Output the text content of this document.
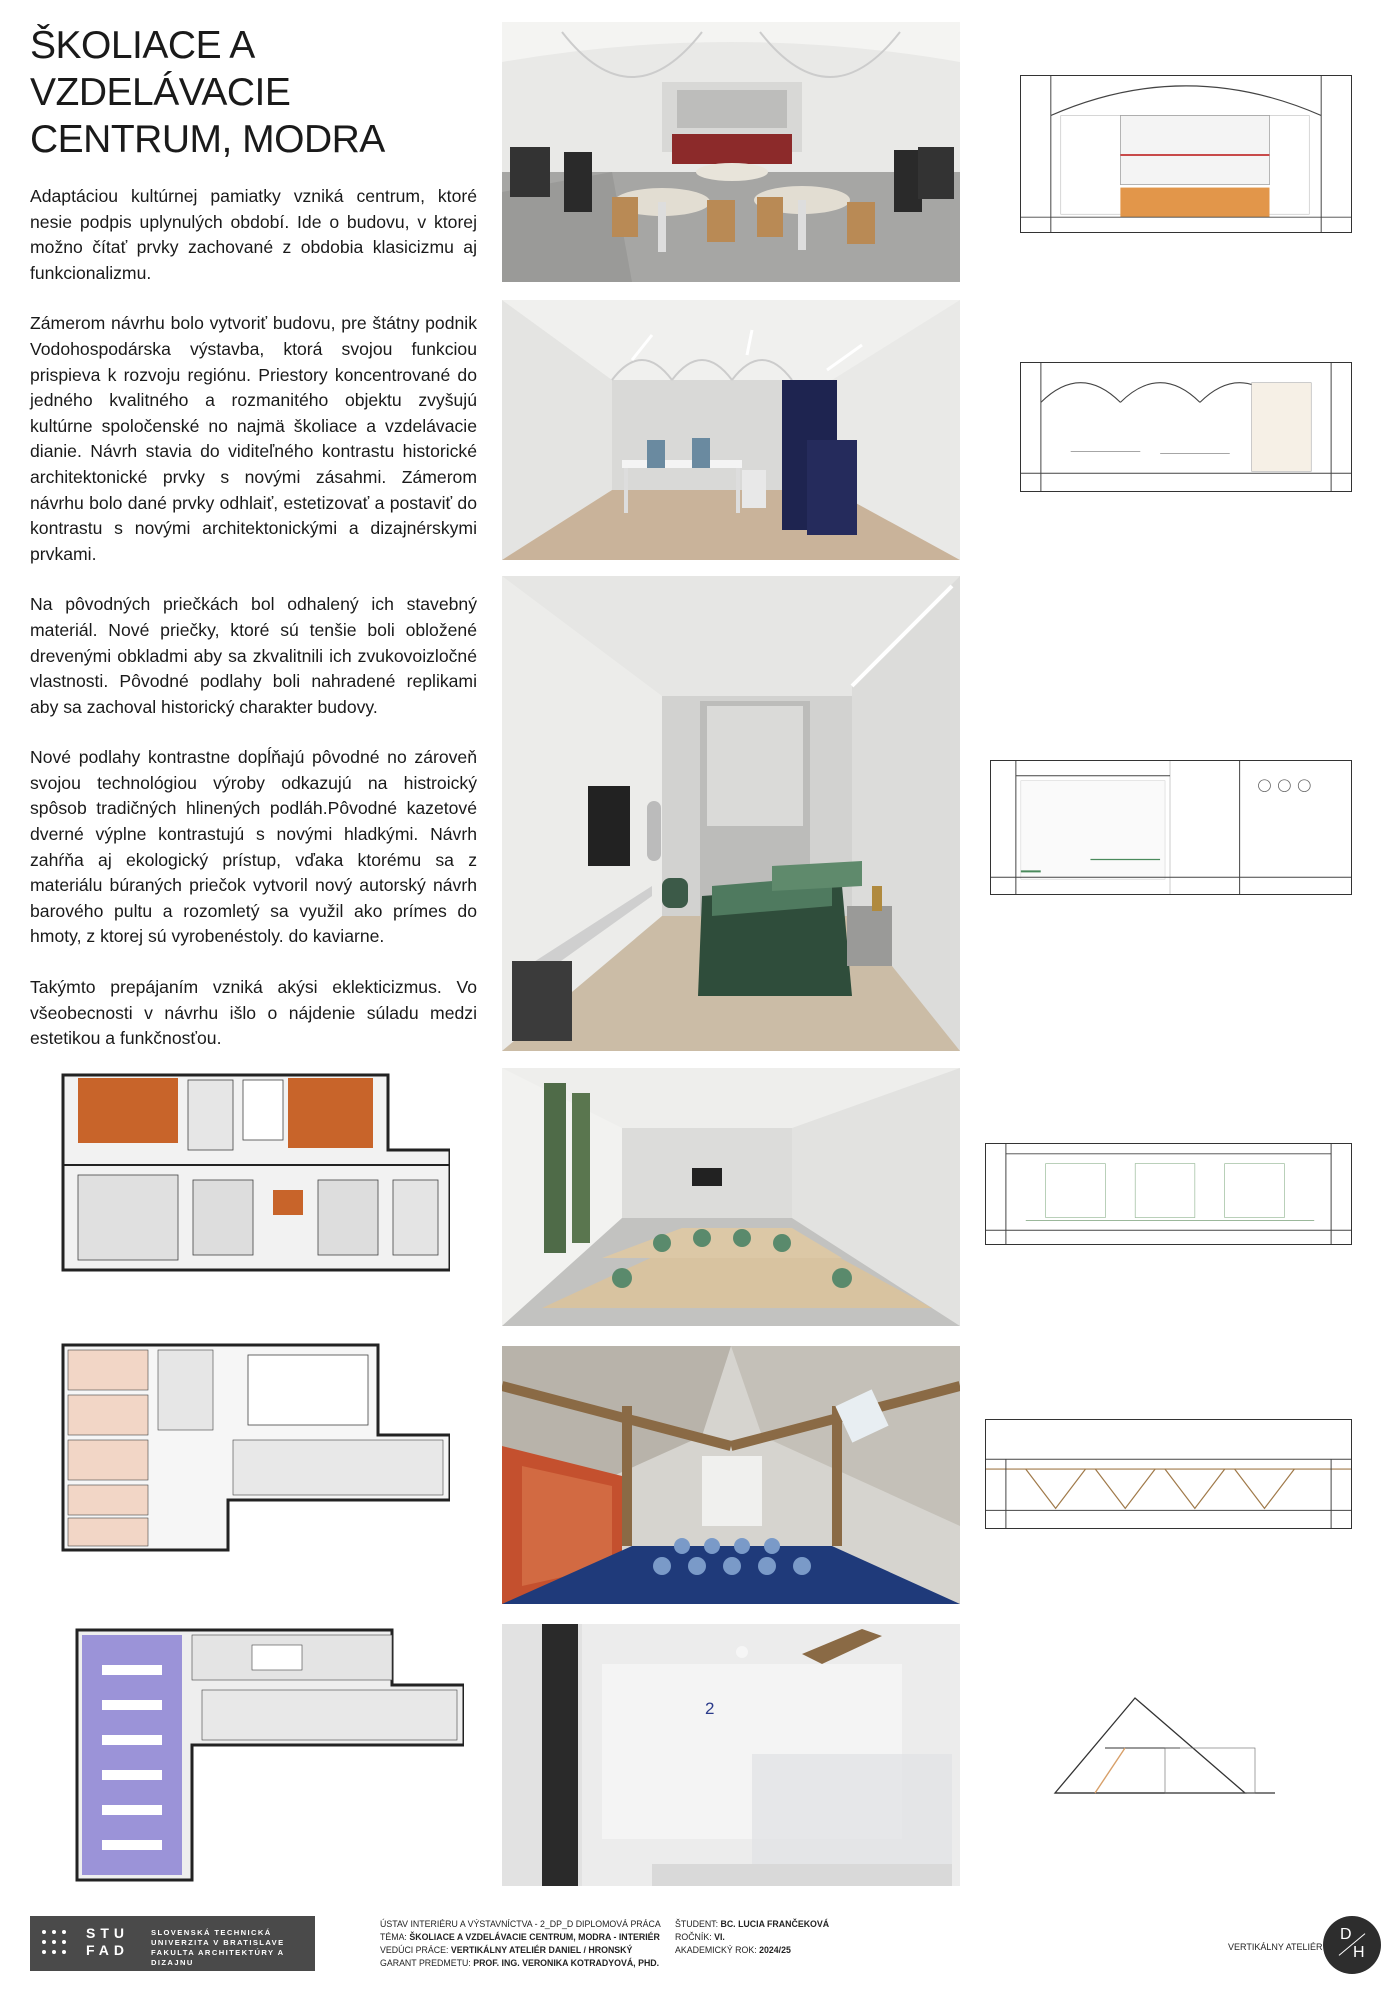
ŠKOLIACE A VZDELÁVACIE CENTRUM, MODRA

Adaptáciou kultúrnej pamiatky vzniká centrum, ktoré nesie podpis uplynulých období. Ide o budovu, v ktorej možno čítať prvky zachované z obdobia klasicizmu aj funkcionalizmu.

Zámerom návrhu bolo vytvoriť budovu, pre štátny podnik Vodohospodárska výstavba, ktorá svojou funkciou prispieva k rozvoju regiónu. Priestory koncentrované do jedného kvalitného a rozmanitého objektu zvyšujú kultúrne spoločenské no najmä školiace a vzdelávacie dianie. Návrh stavia do viditeľného kontrastu historické architektonické prvky s novými zásahmi. Zámerom návrhu bolo dané prvky odhlaiť, estetizovať a postaviť do kontrastu s novými architektonickými a dizajnérskymi prvkami.

Na pôvodných priečkách bol odhalený ich stavebný materiál. Nové priečky, ktoré sú tenšie boli obložené drevenými obkladmi aby sa zkvalitnili ich zvukovoizločné vlastnosti. Pôvodné podlahy boli nahradené replikami aby sa zachoval historický charakter budovy.

Nové podlahy kontrastne dopĺňajú pôvodné no zároveň svojou technológiou výroby odkazujú na histroický spôsob tradičných hlinených podláh.Pôvodné kazetové dverné výplne kontrastujú s novými hladkými. Návrh zahŕňa aj ekologický prístup, vďaka ktorému sa z materiálu búraných priečok vytvoril nový autorský návrh barového pultu a rozomletý sa využil ako prímes do hmoty, z ktorej sú vyrobenéstoly. do kaviarne.

Takýmto prepájaním vzniká akýsi eklekticizmus. Vo všeobecnosti v návrhu išlo o nájdenie súladu medzi estetikou a funkčnosťou.

2
STU
FAD
SLOVENSKÁ TECHNICKÁ
UNIVERZITA V BRATISLAVE
FAKULTA ARCHITEKTÚRY A DIZAJNU
ÚSTAV INTERIÉRU A VÝSTAVNÍCTVA - 2_DP_D DIPLOMOVÁ PRÁCA
TÉMA: ŠKOLIACE A VZDELÁVACIE CENTRUM, MODRA - INTERIÉR
VEDÚCI PRÁCE: VERTIKÁLNY ATELIÉR DANIEL / HRONSKÝ
GARANT PREDMETU: PROF. ING. VERONIKA KOTRADYOVÁ, PHD.
ŠTUDENT: BC. LUCIA FRANČEKOVÁ
ROČNÍK: VI.
AKADEMICKÝ ROK: 2024/25	VERTIKÁLNY ATELIÉR
D
H
